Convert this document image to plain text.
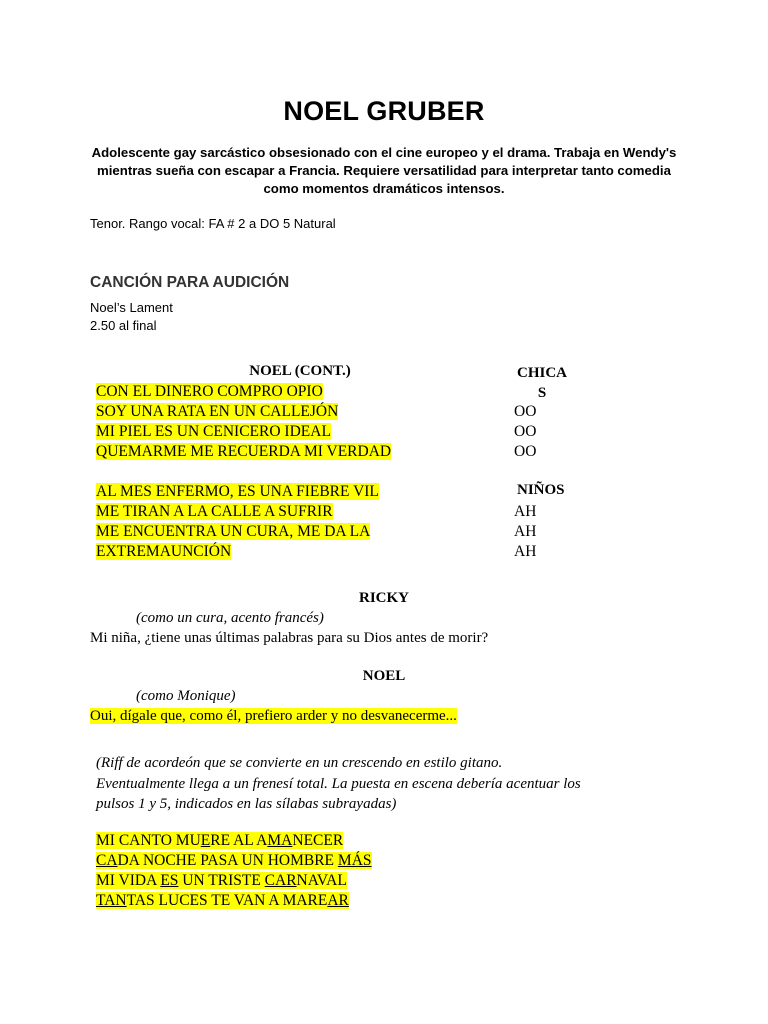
NOEL GRUBER
Adolescente gay sarcástico obsesionado con el cine europeo y el drama. Trabaja en Wendy's mientras sueña con escapar a Francia. Requiere versatilidad para interpretar tanto comedia como momentos dramáticos intensos.
Tenor. Rango vocal: FA # 2 a DO 5 Natural
CANCIÓN PARA AUDICIÓN
Noel’s Lament
2.50 al final
NOEL (CONT.)	CHICA
S
CON EL DINERO COMPRO OPIO
SOY UNA RATA EN UN CALLEJÓN
MI PIEL ES UN CENICERO IDEAL
QUEMARME ME RECUERDA MI VERDAD
OO
OO
OO
NIÑOS
AL MES ENFERMO, ES UNA FIEBRE VIL
ME TIRAN A LA CALLE A SUFRIR
ME ENCUENTRA UN CURA, ME DA LA
EXTREMAUNCIÓN
AH
AH
AH
RICKY
(como un cura, acento francés)
Mi niña, ¿tiene unas últimas palabras para su Dios antes de morir?
NOEL
(como Monique)
Oui, dígale que, como él, prefiero arder y no desvanecerme...
(Riff de acordeón que se convierte en un crescendo en estilo gitano. Eventualmente llega a un frenesí total. La puesta en escena debería acentuar los pulsos 1 y 5, indicados en las sílabas subrayadas)
MI CANTO MUERE AL AMANECER
CADA NOCHE PASA UN HOMBRE MÁS
MI VIDA ES UN TRISTE CARNAVAL
TANTAS LUCES TE VAN A MAREAR
